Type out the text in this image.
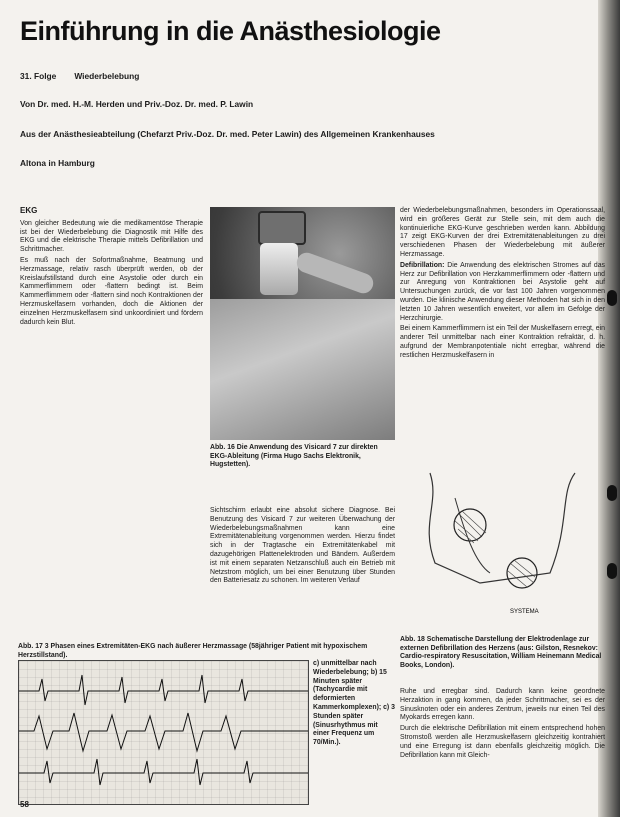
Einführung in die Anästhesiologie
31. Folge Wiederbelebung
Von Dr. med. H.-M. Herden und Priv.-Doz. Dr. med. P. Lawin
Aus der Anästhesieabteilung (Chefarzt Priv.-Doz. Dr. med. Peter Lawin) des Allgemeinen Krankenhauses
Altona in Hamburg
EKG

Von gleicher Bedeutung wie die medikamentöse Therapie ist bei der Wiederbelebung die Diagnostik mit Hilfe des EKG und die elektrische Therapie mittels Defibrillation und Schrittmacher.

Es muß nach der Sofortmaßnahme, Beatmung und Herzmassage, relativ rasch überprüft werden, ob der Kreislaufstillstand durch eine Asystolie oder durch ein Kammerflimmern oder -flattern bedingt ist. Beim Kammerflimmern oder -flattern sind noch Kontraktionen der Herzmuskelfasern vorhanden, doch die Aktionen der einzelnen Herzmuskelfasern sind unkoordiniert und fördern dadurch kein Blut.

Abb. 16 Die Anwendung des Visicard 7 zur direkten EKG-Ableitung (Firma Hugo Sachs Elektronik, Hugstetten).

Sichtschirm erlaubt eine absolut sichere Diagnose. Bei Benutzung des Visicard 7 zur weiteren Überwachung der Wiederbelebungsmaßnahmen kann eine Extremitätenableitung vorgenommen werden. Hierzu findet sich in der Tragtasche ein Extremitätenkabel mit dazugehörigen Plattenelektroden und Bändern. Außerdem ist mit einem separaten Netzanschluß auch ein Betrieb mit Netzstrom möglich, um bei einer Benutzung über Stunden den Batteriesatz zu schonen. Im weiteren Verlauf

der Wiederbelebungsmaßnahmen, besonders im Operationssaal, wird ein größeres Gerät zur Stelle sein, mit dem auch die kontinuierliche EKG-Kurve geschrieben werden kann. Abbildung 17 zeigt EKG-Kurven der drei Extremitätenableitungen zu drei verschiedenen Phasen der Wiederbelebung mit äußerer Herzmassage.

Defibrillation: Die Anwendung des elektrischen Stromes auf das Herz zur Defibrillation von Herzkammerflimmern oder -flattern und zur Anregung von Kontraktionen bei Asystolie geht auf Untersuchungen zurück, die vor fast 100 Jahren vorgenommen wurden. Die klinische Anwendung dieser Methoden hat sich in den letzten 10 Jahren wesentlich erweitert, vor allem im Gefolge der Herzchirurgie.

Bei einem Kammerflimmern ist ein Teil der Muskelfasern erregt, ein anderer Teil unmittelbar nach einer Kontraktion refraktär, d. h. aufgrund der Membranpotentiale nicht erregbar, während die restlichen Herzmuskelfasern in

SYSTEMA
Abb. 18 Schematische Darstellung der Elektrodenlage zur externen Defibrillation des Herzens (aus: Gilston, Resnekov: Cardio-respiratory Resuscitation, William Heinemann Medical Books, London).

Ruhe und erregbar sind. Dadurch kann keine geordnete Herzaktion in gang kommen, da jeder Schrittmacher, sei es der Sinusknoten oder ein anderes Zentrum, jeweils nur einen Teil des Myokards erregen kann.

Durch die elektrische Defibrillation mit einem entsprechend hohen Stromstoß werden alle Herzmuskelfasern gleichzeitig kontrahiert und eine Erregung ist dann ebenfalls gleichzeitig möglich. Die Defibrillation kann mit Gleich-

Abb. 17 3 Phasen eines Extremitäten-EKG nach äußerer Herzmassage (58jähriger Patient mit hypoxischem Herzstillstand).
c) unmittelbar nach Wiederbelebung; b) 15 Minuten später (Tachycardie mit deformierten Kammerkomplexen); c) 3 Stunden später (Sinusrhythmus mit einer Frequenz um 70/Min.).
58
